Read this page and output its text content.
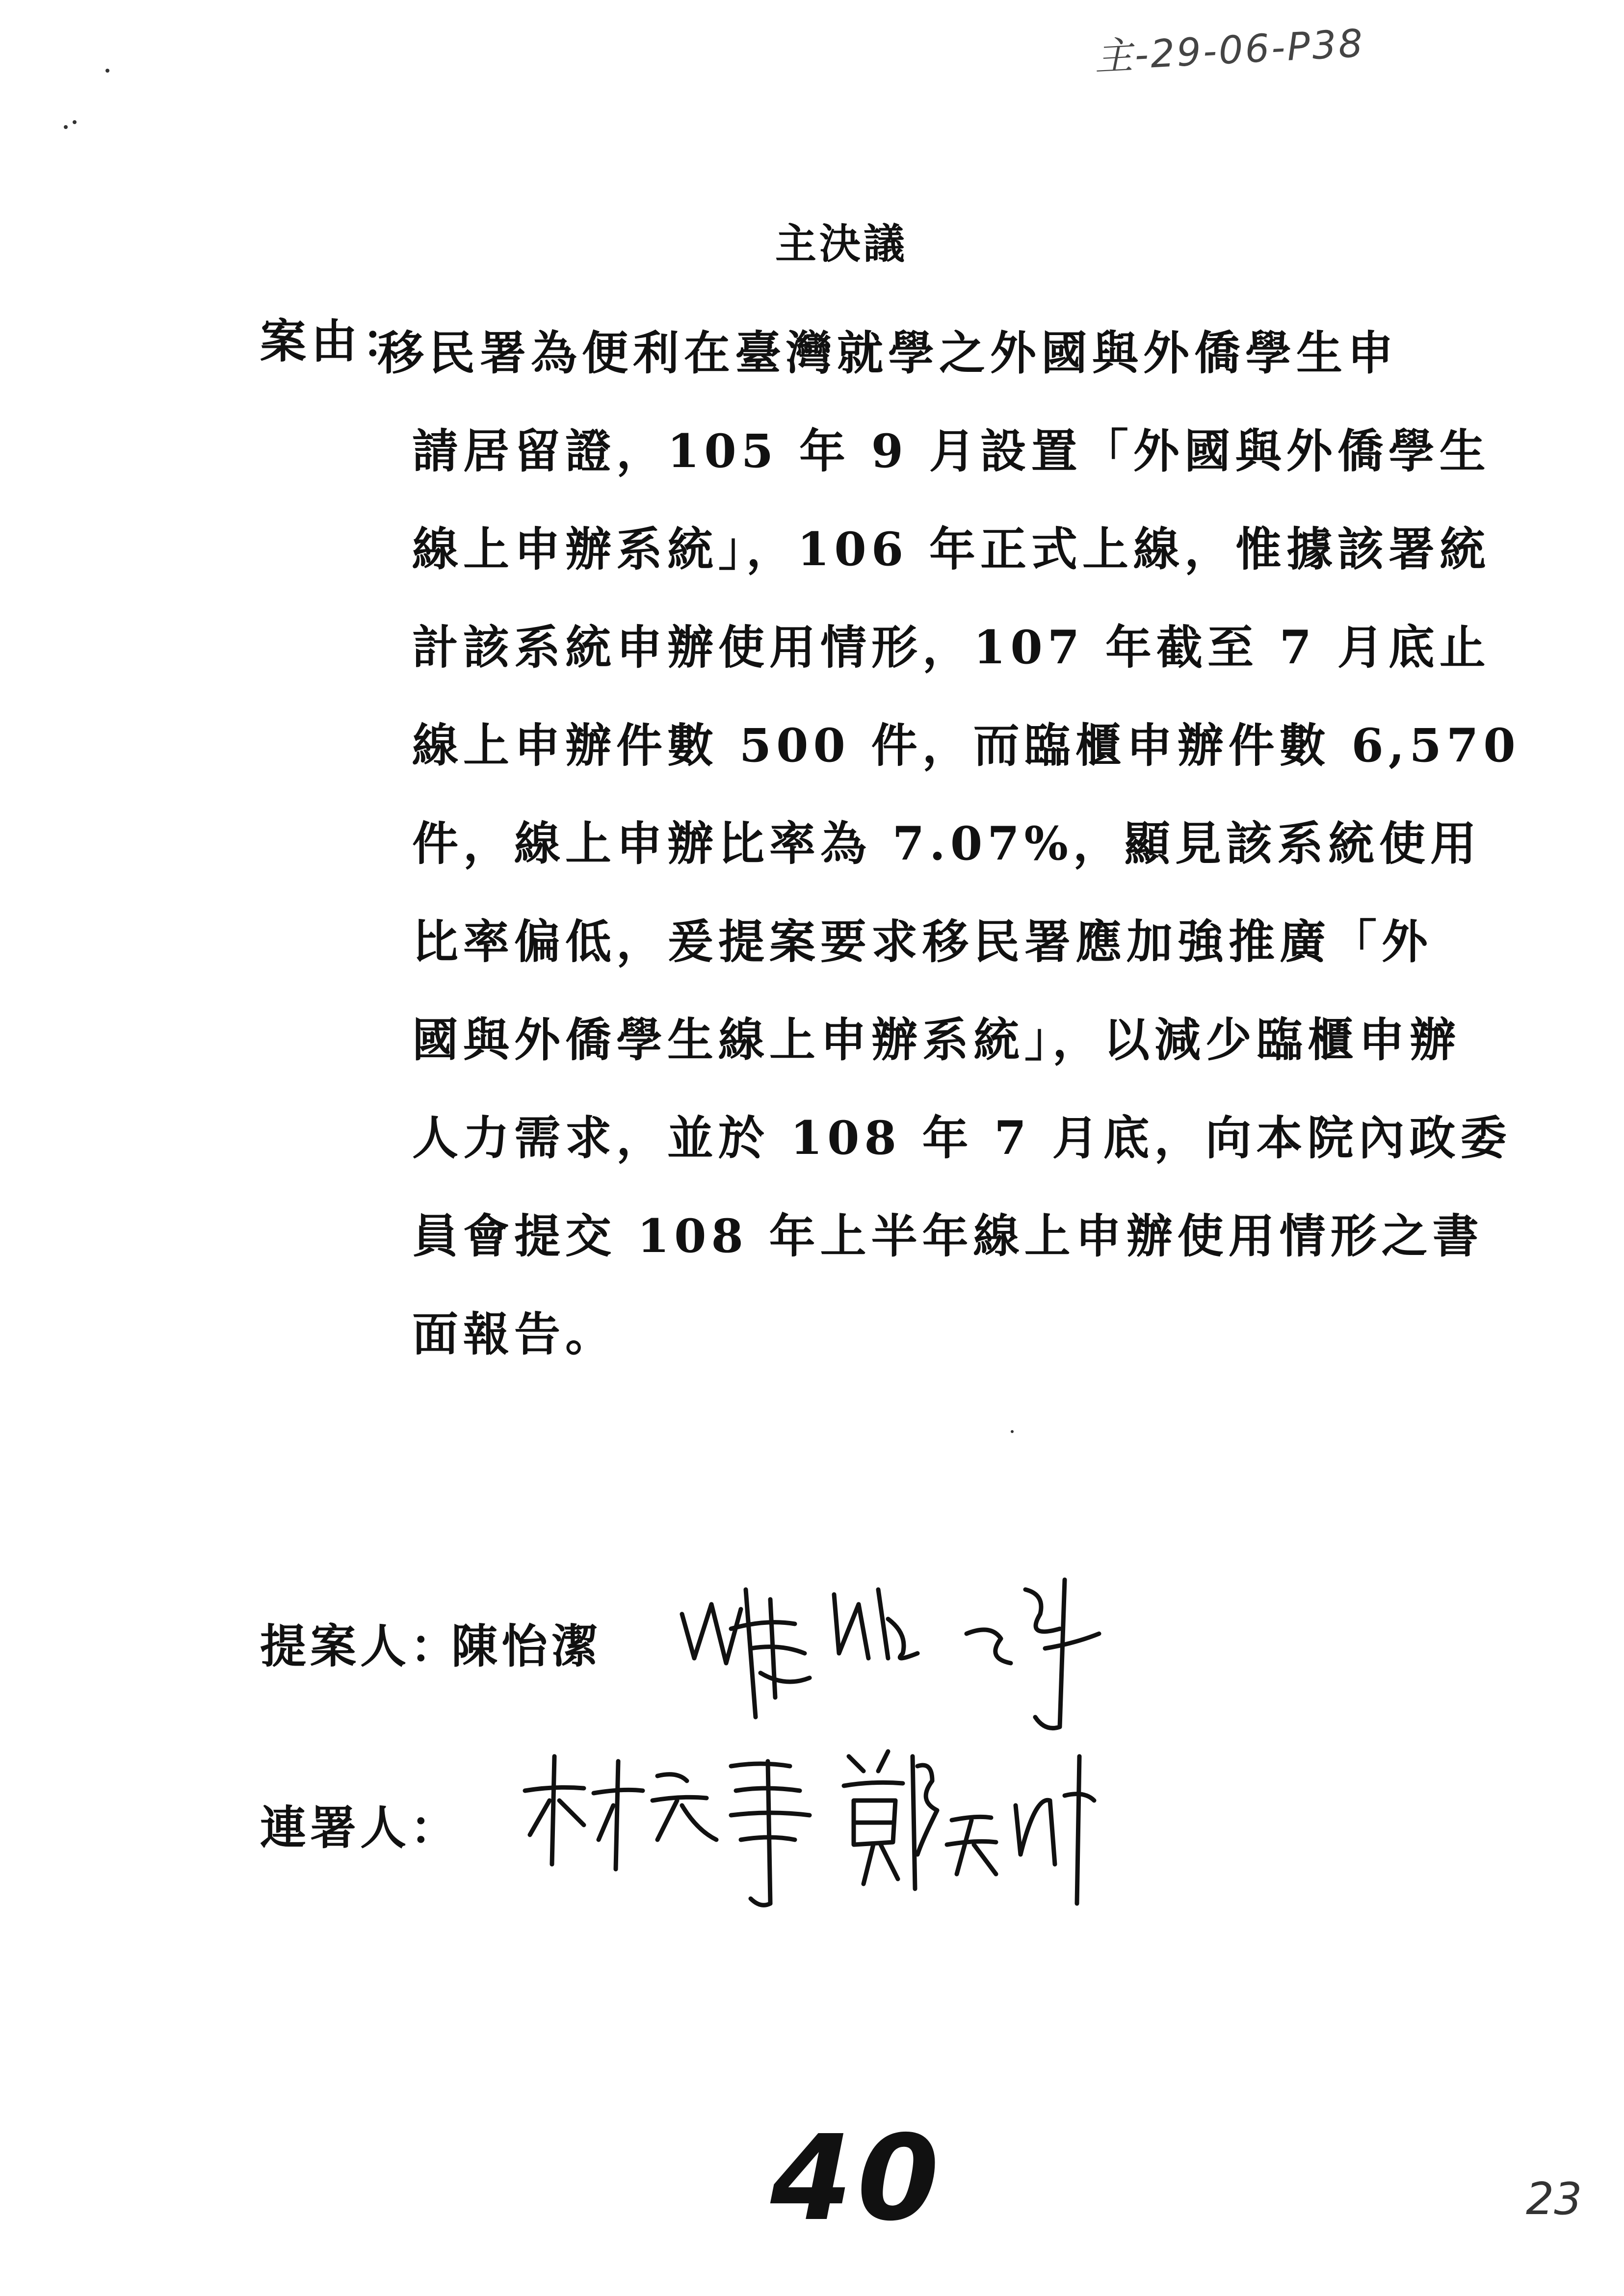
主-29-06-P38
主決議
案由：
移民署為便利在臺灣就學之外國與外僑學生申
請居留證，105 年 9 月設置「外國與外僑學生
線上申辦系統」，106 年正式上線，惟據該署統
計該系統申辦使用情形，107 年截至 7 月底止
線上申辦件數 500 件，而臨櫃申辦件數 6,570
件，線上申辦比率為 7.07%，顯見該系統使用
比率偏低，爰提案要求移民署應加強推廣「外
國與外僑學生線上申辦系統」，以減少臨櫃申辦
人力需求，並於 108 年 7 月底，向本院內政委
員會提交 108 年上半年線上申辦使用情形之書
面報告。
提案人：
陳怡潔
連署人：
40	23
